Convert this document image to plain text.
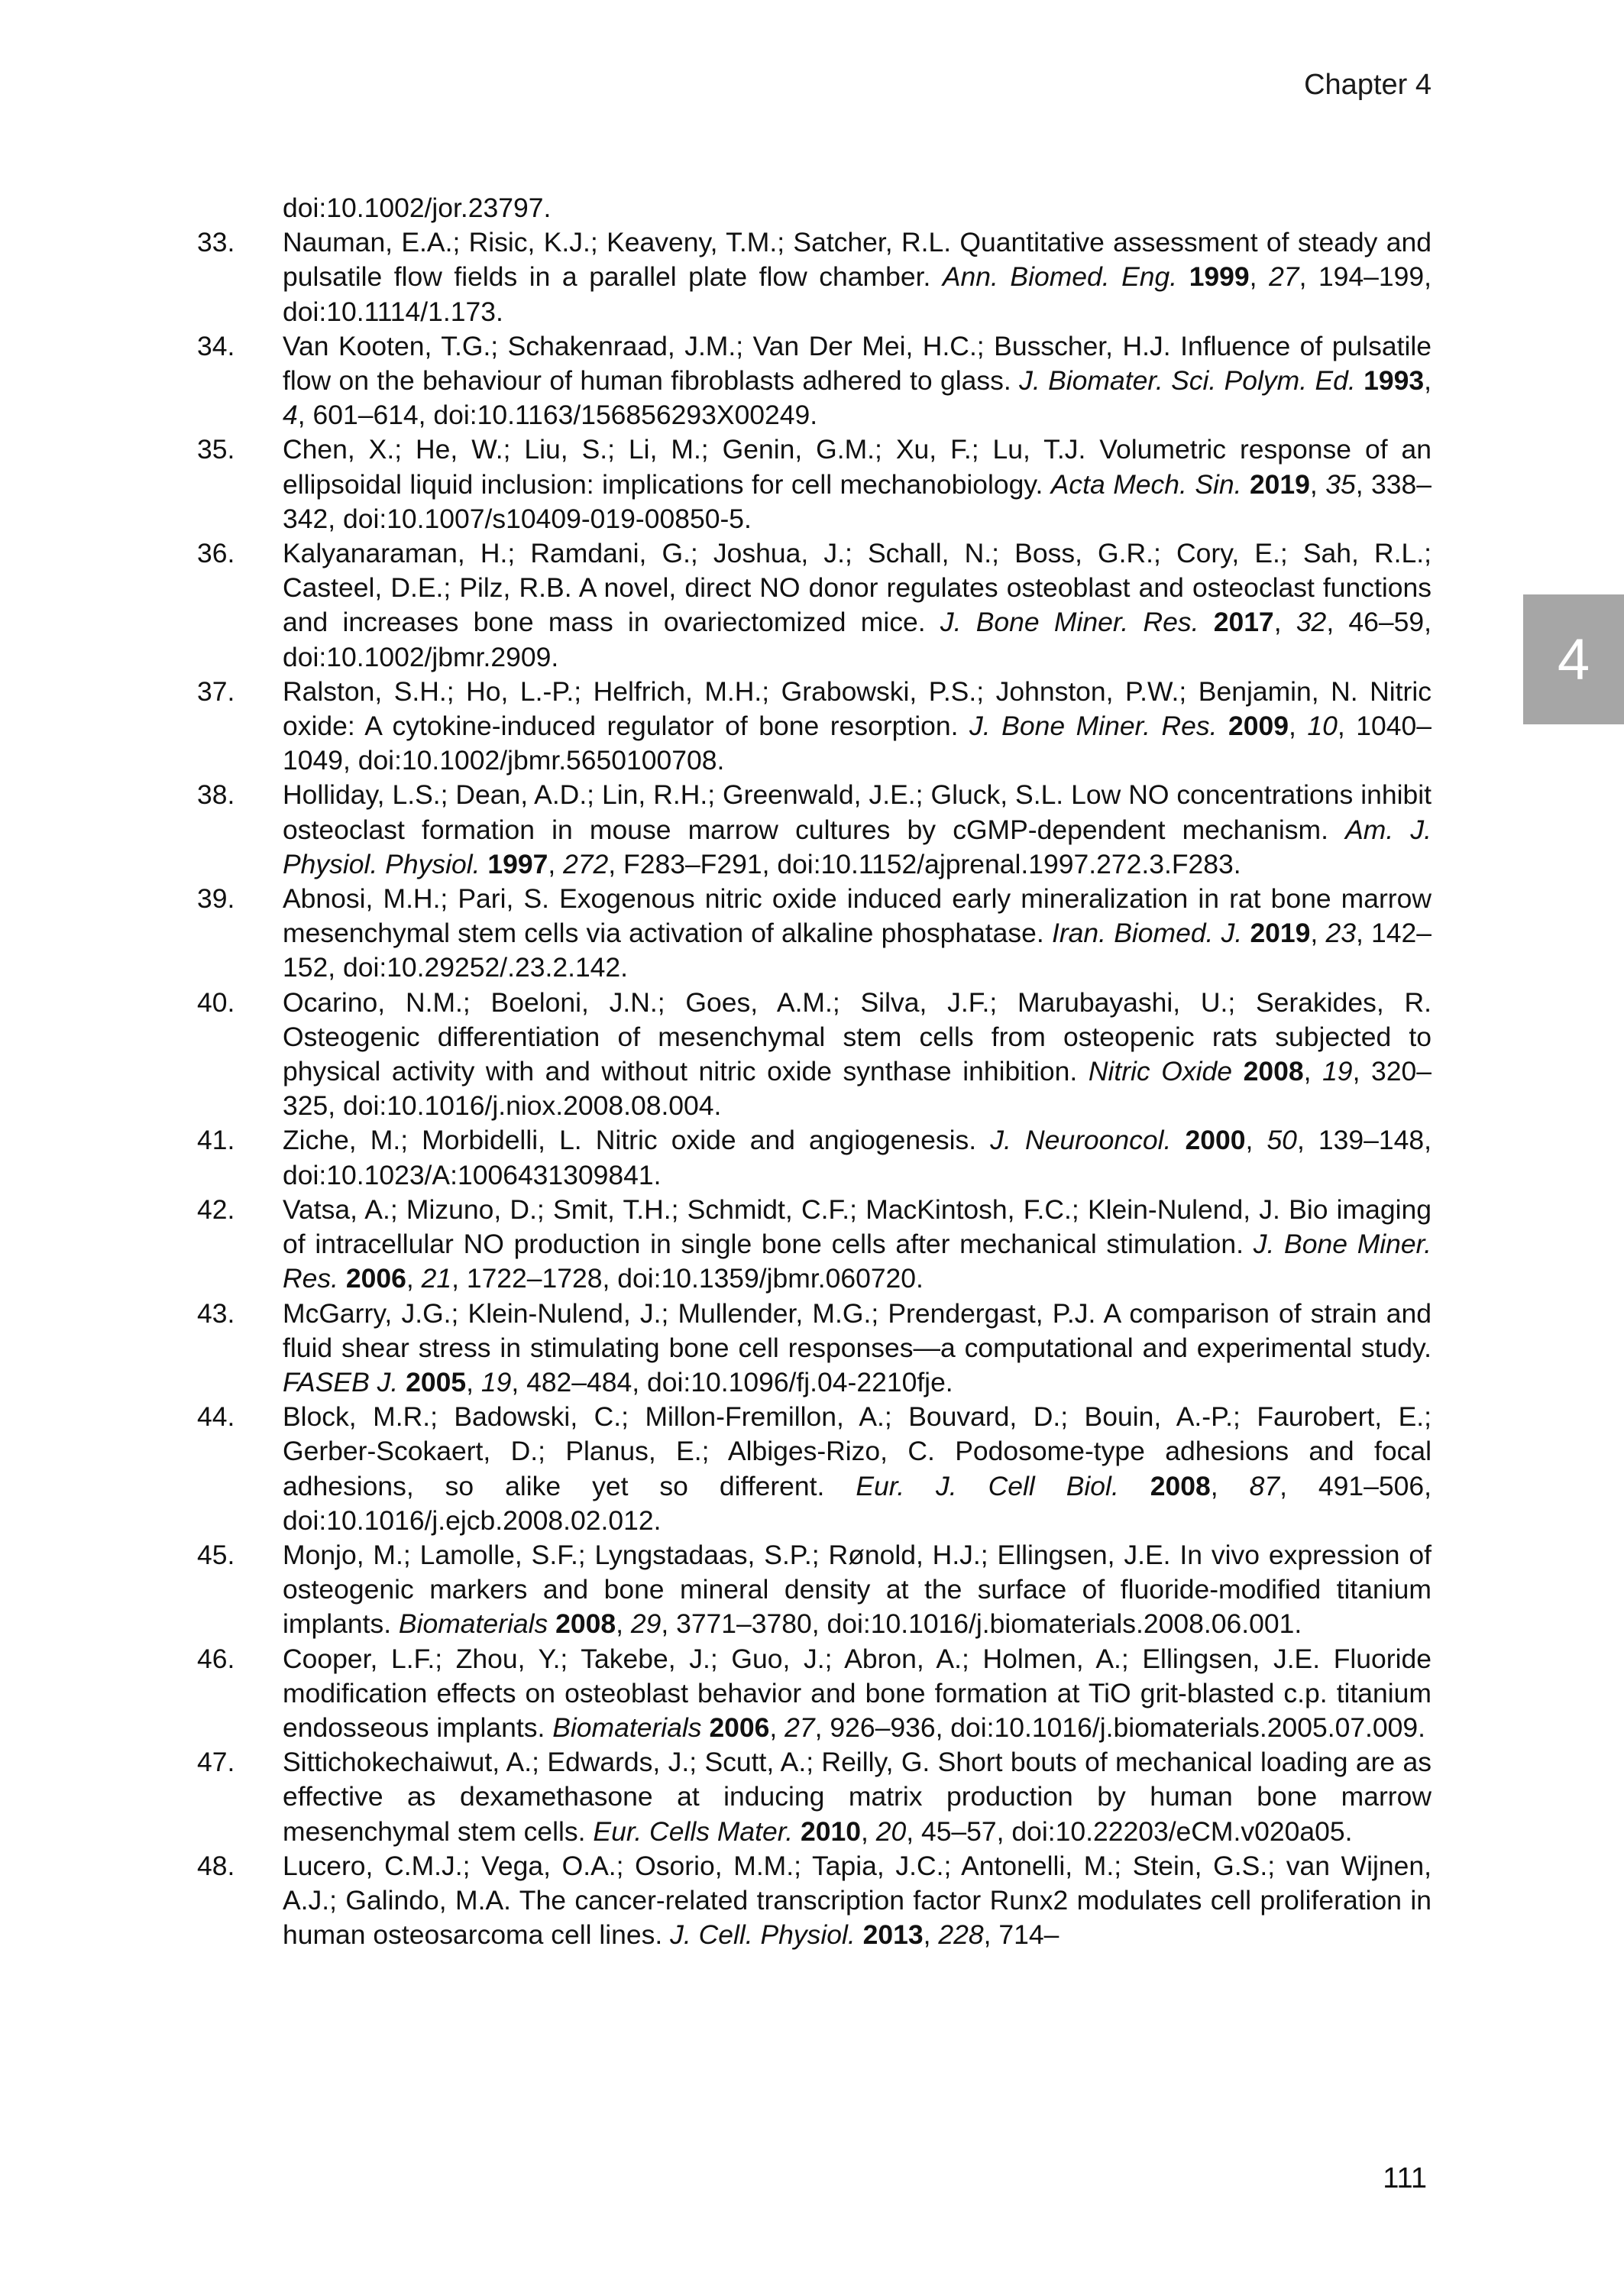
Chapter 4
doi:10.1002/jor.23797.
33.	Nauman, E.A.; Risic, K.J.; Keaveny, T.M.; Satcher, R.L. Quantitative assessment of steady and pulsatile flow fields in a parallel plate flow chamber. Ann. Biomed. Eng. 1999, 27, 194–199, doi:10.1114/1.173.
34.	Van Kooten, T.G.; Schakenraad, J.M.; Van Der Mei, H.C.; Busscher, H.J. Influence of pulsatile flow on the behaviour of human fibroblasts adhered to glass. J. Biomater. Sci. Polym. Ed. 1993, 4, 601–614, doi:10.1163/156856293X00249.
35.	Chen, X.; He, W.; Liu, S.; Li, M.; Genin, G.M.; Xu, F.; Lu, T.J. Volumetric response of an ellipsoidal liquid inclusion: implications for cell mechanobiology. Acta Mech. Sin. 2019, 35, 338–342, doi:10.1007/s10409-019-00850-5.
36.	Kalyanaraman, H.; Ramdani, G.; Joshua, J.; Schall, N.; Boss, G.R.; Cory, E.; Sah, R.L.; Casteel, D.E.; Pilz, R.B. A novel, direct NO donor regulates osteoblast and osteoclast functions and increases bone mass in ovariectomized mice. J. Bone Miner. Res. 2017, 32, 46–59, doi:10.1002/jbmr.2909.
37.	Ralston, S.H.; Ho, L.-P.; Helfrich, M.H.; Grabowski, P.S.; Johnston, P.W.; Benjamin, N. Nitric oxide: A cytokine-induced regulator of bone resorption. J. Bone Miner. Res. 2009, 10, 1040–1049, doi:10.1002/jbmr.5650100708.
38.	Holliday, L.S.; Dean, A.D.; Lin, R.H.; Greenwald, J.E.; Gluck, S.L. Low NO concentrations inhibit osteoclast formation in mouse marrow cultures by cGMP-dependent mechanism. Am. J. Physiol. Physiol. 1997, 272, F283–F291, doi:10.1152/ajprenal.1997.272.3.F283.
39.	Abnosi, M.H.; Pari, S. Exogenous nitric oxide induced early mineralization in rat bone marrow mesenchymal stem cells via activation of alkaline phosphatase. Iran. Biomed. J. 2019, 23, 142–152, doi:10.29252/.23.2.142.
40.	Ocarino, N.M.; Boeloni, J.N.; Goes, A.M.; Silva, J.F.; Marubayashi, U.; Serakides, R. Osteogenic differentiation of mesenchymal stem cells from osteopenic rats subjected to physical activity with and without nitric oxide synthase inhibition. Nitric Oxide 2008, 19, 320–325, doi:10.1016/j.niox.2008.08.004.
41.	Ziche, M.; Morbidelli, L. Nitric oxide and angiogenesis. J. Neurooncol. 2000, 50, 139–148, doi:10.1023/A:1006431309841.
42.	Vatsa, A.; Mizuno, D.; Smit, T.H.; Schmidt, C.F.; MacKintosh, F.C.; Klein-Nulend, J. Bio imaging of intracellular NO production in single bone cells after mechanical stimulation. J. Bone Miner. Res. 2006, 21, 1722–1728, doi:10.1359/jbmr.060720.
43.	McGarry, J.G.; Klein-Nulend, J.; Mullender, M.G.; Prendergast, P.J. A comparison of strain and fluid shear stress in stimulating bone cell responses—a computational and experimental study. FASEB J. 2005, 19, 482–484, doi:10.1096/fj.04-2210fje.
44.	Block, M.R.; Badowski, C.; Millon-Fremillon, A.; Bouvard, D.; Bouin, A.-P.; Faurobert, E.; Gerber-Scokaert, D.; Planus, E.; Albiges-Rizo, C. Podosome-type adhesions and focal adhesions, so alike yet so different. Eur. J. Cell Biol. 2008, 87, 491–506, doi:10.1016/j.ejcb.2008.02.012.
45.	Monjo, M.; Lamolle, S.F.; Lyngstadaas, S.P.; Rønold, H.J.; Ellingsen, J.E. In vivo expression of osteogenic markers and bone mineral density at the surface of fluoride-modified titanium implants. Biomaterials 2008, 29, 3771–3780, doi:10.1016/j.biomaterials.2008.06.001.
46.	Cooper, L.F.; Zhou, Y.; Takebe, J.; Guo, J.; Abron, A.; Holmen, A.; Ellingsen, J.E. Fluoride modification effects on osteoblast behavior and bone formation at TiO grit-blasted c.p. titanium endosseous implants. Biomaterials 2006, 27, 926–936, doi:10.1016/j.biomaterials.2005.07.009.
47.	Sittichokechaiwut, A.; Edwards, J.; Scutt, A.; Reilly, G. Short bouts of mechanical loading are as effective as dexamethasone at inducing matrix production by human bone marrow mesenchymal stem cells. Eur. Cells Mater. 2010, 20, 45–57, doi:10.22203/eCM.v020a05.
48.	Lucero, C.M.J.; Vega, O.A.; Osorio, M.M.; Tapia, J.C.; Antonelli, M.; Stein, G.S.; van Wijnen, A.J.; Galindo, M.A. The cancer-related transcription factor Runx2 modulates cell proliferation in human osteosarcoma cell lines. J. Cell. Physiol. 2013, 228, 714–
4
111
